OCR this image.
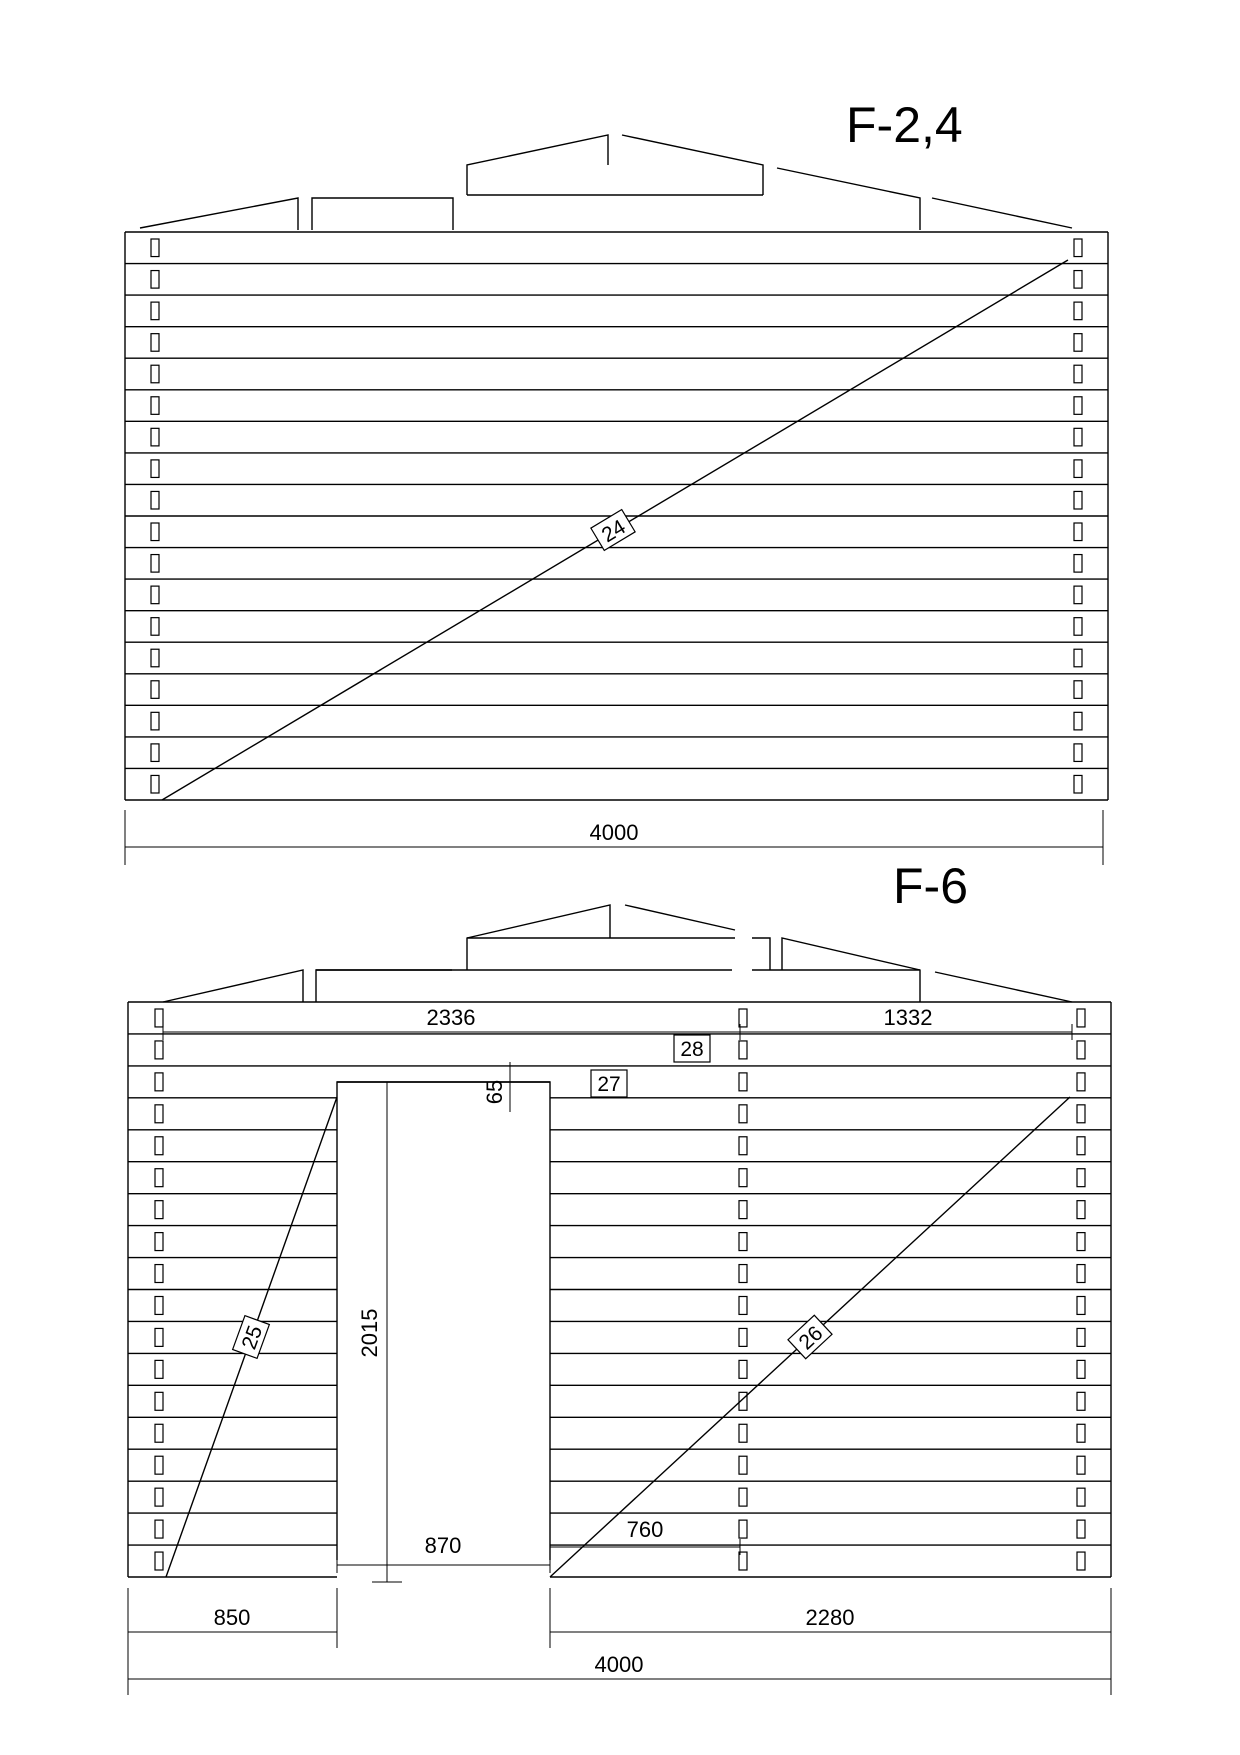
F-2,4
24
4000
F-6
2336	1332
28
27
65
2015
870
760
25	26
850	2280
4000
